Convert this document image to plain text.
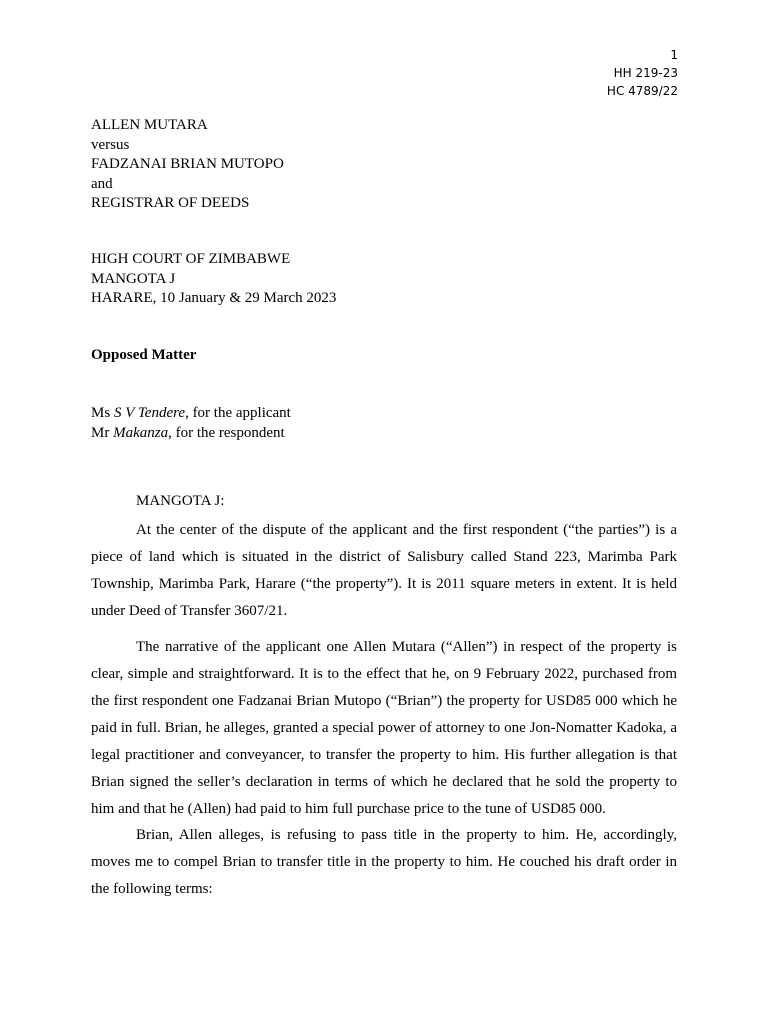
1
HH 219-23
HC 4789/22
ALLEN MUTARA
versus
FADZANAI BRIAN MUTOPO
and
REGISTRAR OF DEEDS
HIGH COURT OF ZIMBABWE
MANGOTA J
HARARE, 10 January & 29 March 2023
Opposed Matter
Ms S V Tendere, for the applicant
Mr Makanza, for the respondent
MANGOTA J:

At the center of the dispute of the applicant and the first respondent (“the parties”) is a piece of land which is situated in the district of Salisbury called Stand 223, Marimba Park Township, Marimba Park, Harare (“the property”). It is 2011 square meters in extent. It is held under Deed of Transfer 3607/21.

The narrative of the applicant one Allen Mutara (“Allen”) in respect of the property is clear, simple and straightforward. It is to the effect that he, on 9 February 2022, purchased from the first respondent one Fadzanai Brian Mutopo (“Brian”) the property for USD85 000 which he paid in full. Brian, he alleges, granted a special power of attorney to one Jon-Nomatter Kadoka, a legal practitioner and conveyancer, to transfer the property to him. His further allegation is that Brian signed the seller’s declaration in terms of which he declared that he sold the property to him and that he (Allen) had paid to him full purchase price to the tune of USD85 000.

Brian, Allen alleges, is refusing to pass title in the property to him. He, accordingly, moves me to compel Brian to transfer title in the property to him. He couched his draft order in the following terms:
